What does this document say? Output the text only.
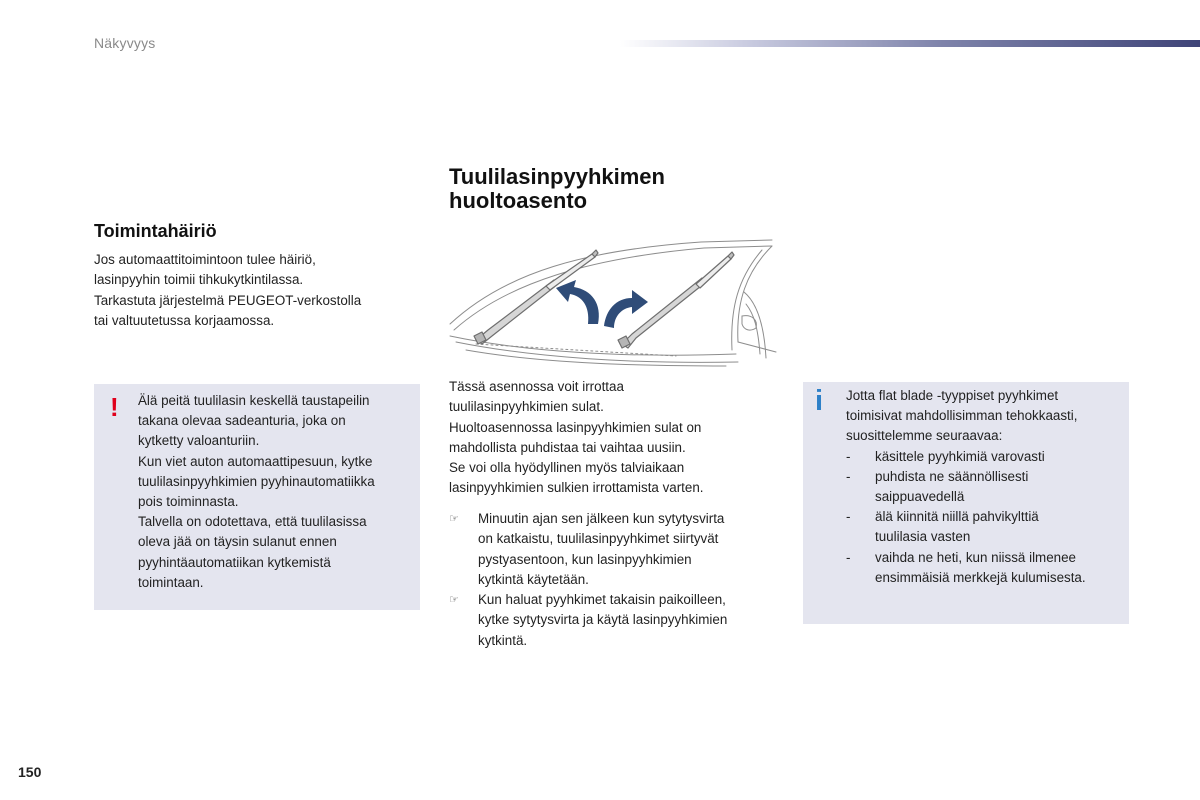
Näkyvyys
Toimintahäiriö

Jos automaattitoimintoon tulee häiriö,

lasinpyyhin toimii tihkukytkintilassa.

Tarkastuta järjestelmä PEUGEOT-verkostolla

tai valtuutetussa korjaamossa.

! Älä peitä tuulilasin keskellä taustapeilin

takana olevaa sadeanturia, joka on

kytketty valoanturiin.

Kun viet auton automaattipesuun, kytke

tuulilasinpyyhkimien pyyhinautomatiikka

pois toiminnasta.

Talvella on odotettava, että tuulilasissa

oleva jää on täysin sulanut ennen

pyyhintäautomatiikan kytkemistä

toimintaan.

Tuulilasinpyyhkimen
huoltoasento

Tässä asennossa voit irrottaa

tuulilasinpyyhkimien sulat.

Huoltoasennossa lasinpyyhkimien sulat on

mahdollista puhdistaa tai vaihtaa uusiin.

Se voi olla hyödyllinen myös talviaikaan

lasinpyyhkimien sulkien irrottamista varten.

☞ Minuutin ajan sen jälkeen kun sytytysvirta
on katkaistu, tuulilasinpyyhkimet siirtyvät
pystyasentoon, kun lasinpyyhkimien
kytkintä käytetään.
☞ Kun haluat pyyhkimet takaisin paikoilleen,
kytke sytytysvirta ja käytä lasinpyyhkimien
kytkintä.
i Jotta flat blade -tyyppiset pyyhkimet

toimisivat mahdollisimman tehokkaasti,

suosittelemme seuraavaa:

- käsittele pyyhkimiä varovasti
- puhdista ne säännöllisesti
saippuavedellä
- älä kiinnitä niillä pahvikylttiä
tuulilasia vasten
- vaihda ne heti, kun niissä ilmenee
ensimmäisiä merkkejä kulumisesta.
150
